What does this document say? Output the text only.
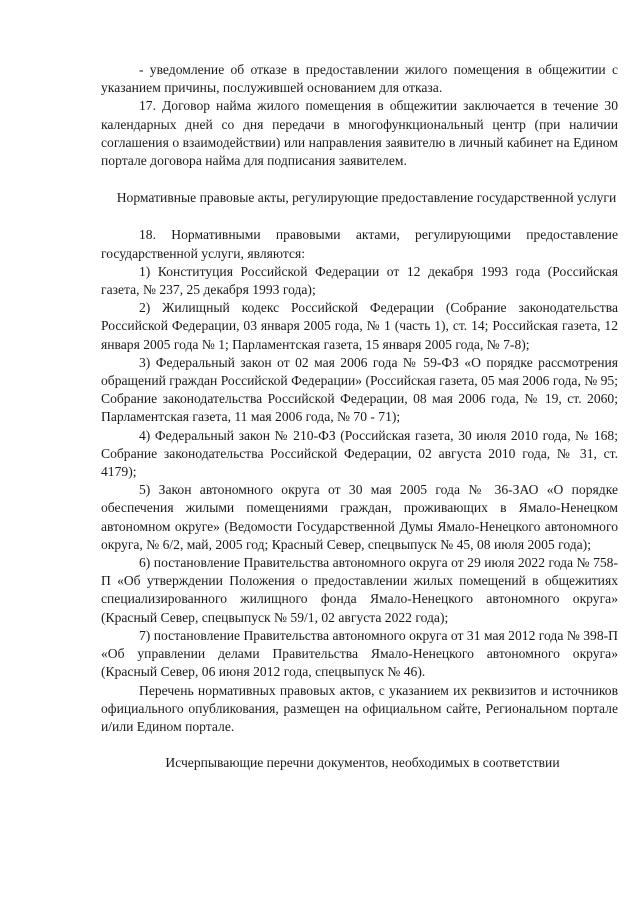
- уведомление об отказе в предоставлении жилого помещения в общежитии с указанием причины, послужившей основанием для отказа.

17. Договор найма жилого помещения в общежитии заключается в течение 30 календарных дней со дня передачи в многофункциональный центр (при наличии соглашения о взаимодействии) или направления заявителю в личный кабинет на Едином портале договора найма для подписания заявителем.

Нормативные правовые акты, регулирующие предоставление государственной услуги

18. Нормативными правовыми актами, регулирующими предоставление государственной услуги, являются:

1) Конституция Российской Федерации от 12 декабря 1993 года (Российская газета, № 237, 25 декабря 1993 года);

2) Жилищный кодекс Российской Федерации (Собрание законодательства Российской Федерации, 03 января 2005 года, № 1 (часть 1), ст. 14; Российская газета, 12 января 2005 года № 1; Парламентская газета, 15 января 2005 года, № 7-8);

3) Федеральный закон от 02 мая 2006 года № 59-ФЗ «О порядке рассмотрения обращений граждан Российской Федерации» (Российская газета, 05 мая 2006 года, № 95; Собрание законодательства Российской Федерации, 08 мая 2006 года, № 19, ст. 2060; Парламентская газета, 11 мая 2006 года, № 70 - 71);

4) Федеральный закон № 210-ФЗ (Российская газета, 30 июля 2010 года, № 168; Собрание законодательства Российской Федерации, 02 августа 2010 года, № 31, ст. 4179);

5) Закон автономного округа от 30 мая 2005 года № 36-ЗАО «О порядке обеспечения жилыми помещениями граждан, проживающих в Ямало-Ненецком автономном округе» (Ведомости Государственной Думы Ямало-Ненецкого автономного округа, № 6/2, май, 2005 год; Красный Север, спецвыпуск № 45, 08 июля 2005 года);

6) постановление Правительства автономного округа от 29 июля 2022 года № 758-П «Об утверждении Положения о предоставлении жилых помещений в общежитиях специализированного жилищного фонда Ямало-Ненецкого автономного округа» (Красный Север, спецвыпуск № 59/1, 02 августа 2022 года);

7) постановление Правительства автономного округа от 31 мая 2012 года № 398-П «Об управлении делами Правительства Ямало-Ненецкого автономного округа» (Красный Север, 06 июня 2012 года, спецвыпуск № 46).

Перечень нормативных правовых актов, с указанием их реквизитов и источников официального опубликования, размещен на официальном сайте, Региональном портале и/или Едином портале.

Исчерпывающие перечни документов, необходимых в соответствии
